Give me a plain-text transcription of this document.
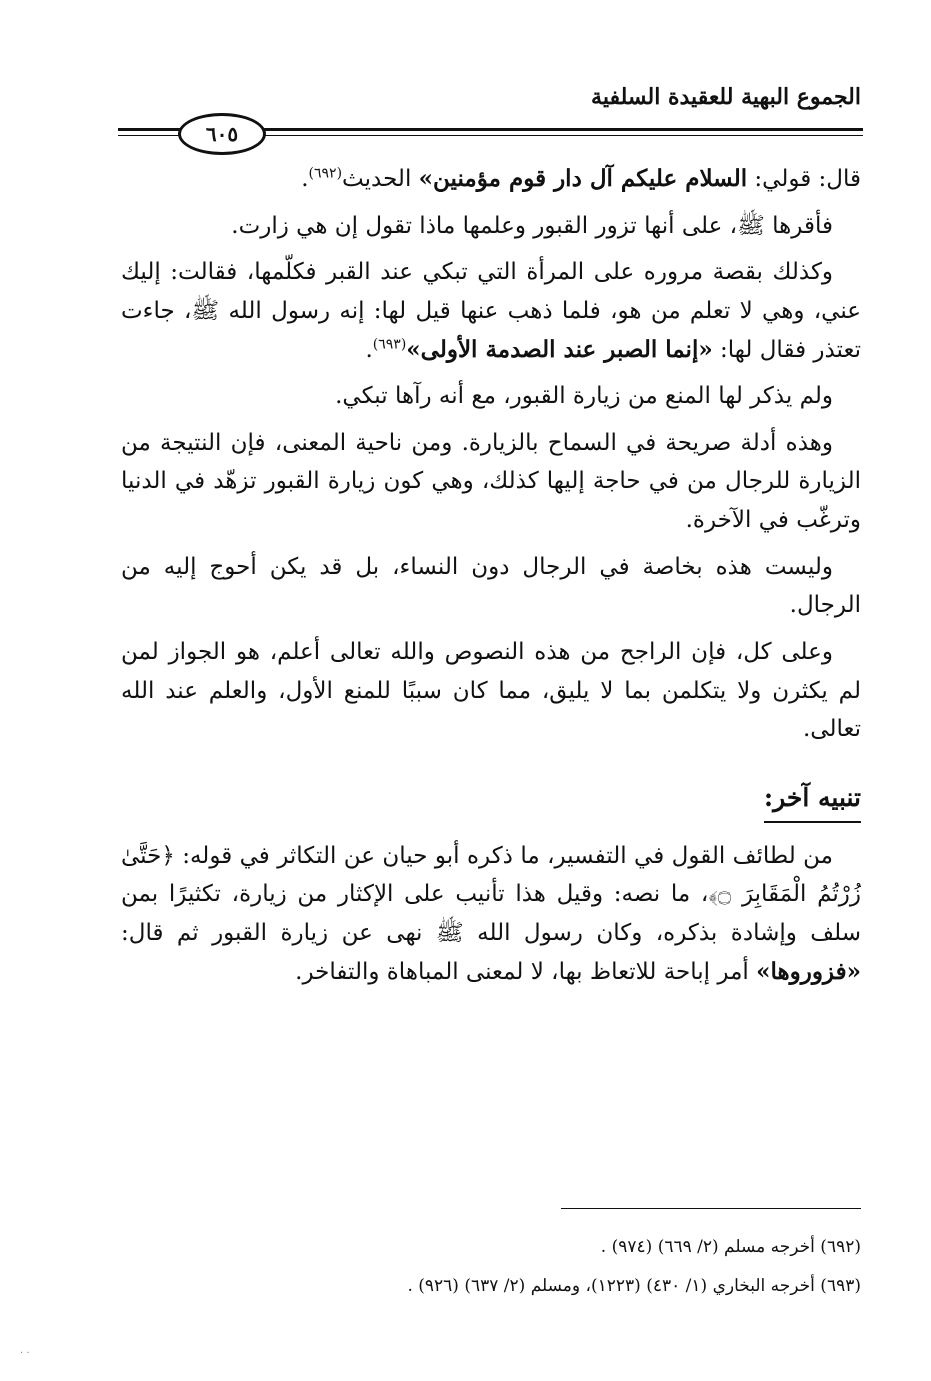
الجموع البهية للعقيدة السلفية
٦٠٥

قال: قولي: السلام عليكم آل دار قوم مؤمنين» الحديث$^{(٦٩٢)}$.

فأقرها ﷺ، على أنها تزور القبور وعلمها ماذا تقول إن هي زارت.

وكذلك بقصة مروره على المرأة التي تبكي عند القبر فكلّمها، فقالت: إليك عني، وهي لا تعلم من هو، فلما ذهب عنها قيل لها: إنه رسول الله ﷺ، جاءت تعتذر فقال لها: «إنما الصبر عند الصدمة الأولى»$^{(٦٩٣)}$.

ولم يذكر لها المنع من زيارة القبور، مع أنه رآها تبكي.

وهذه أدلة صريحة في السماح بالزيارة. ومن ناحية المعنى، فإن النتيجة من الزيارة للرجال من في حاجة إليها كذلك، وهي كون زيارة القبور تزهّد في الدنيا وترغّب في الآخرة.

وليست هذه بخاصة في الرجال دون النساء، بل قد يكن أحوج إليه من الرجال.

وعلى كل، فإن الراجح من هذه النصوص والله تعالى أعلم، هو الجواز لمن لم يكثرن ولا يتكلمن بما لا يليق، مما كان سببًا للمنع الأول، والعلم عند الله تعالى.

تنبيه آخر:

من لطائف القول في التفسير، ما ذكره أبو حيان عن التكاثر في قوله: ﴿حَتَّىٰ زُرْتُمُ الْمَقَابِرَ ۝﴾، ما نصه: وقيل هذا تأنيب على الإكثار من زيارة، تكثيرًا بمن سلف وإشادة بذكره، وكان رسول الله ﷺ نهى عن زيارة القبور ثم قال: «فزوروها» أمر إباحة للاتعاظ بها، لا لمعنى المباهاة والتفاخر.

(٦٩٢) أخرجه مسلم (٢/ ٦٦٩) (٩٧٤) .
(٦٩٣) أخرجه البخاري (١/ ٤٣٠) (١٢٢٣)، ومسلم (٢/ ٦٣٧) (٩٢٦) .
· ·
